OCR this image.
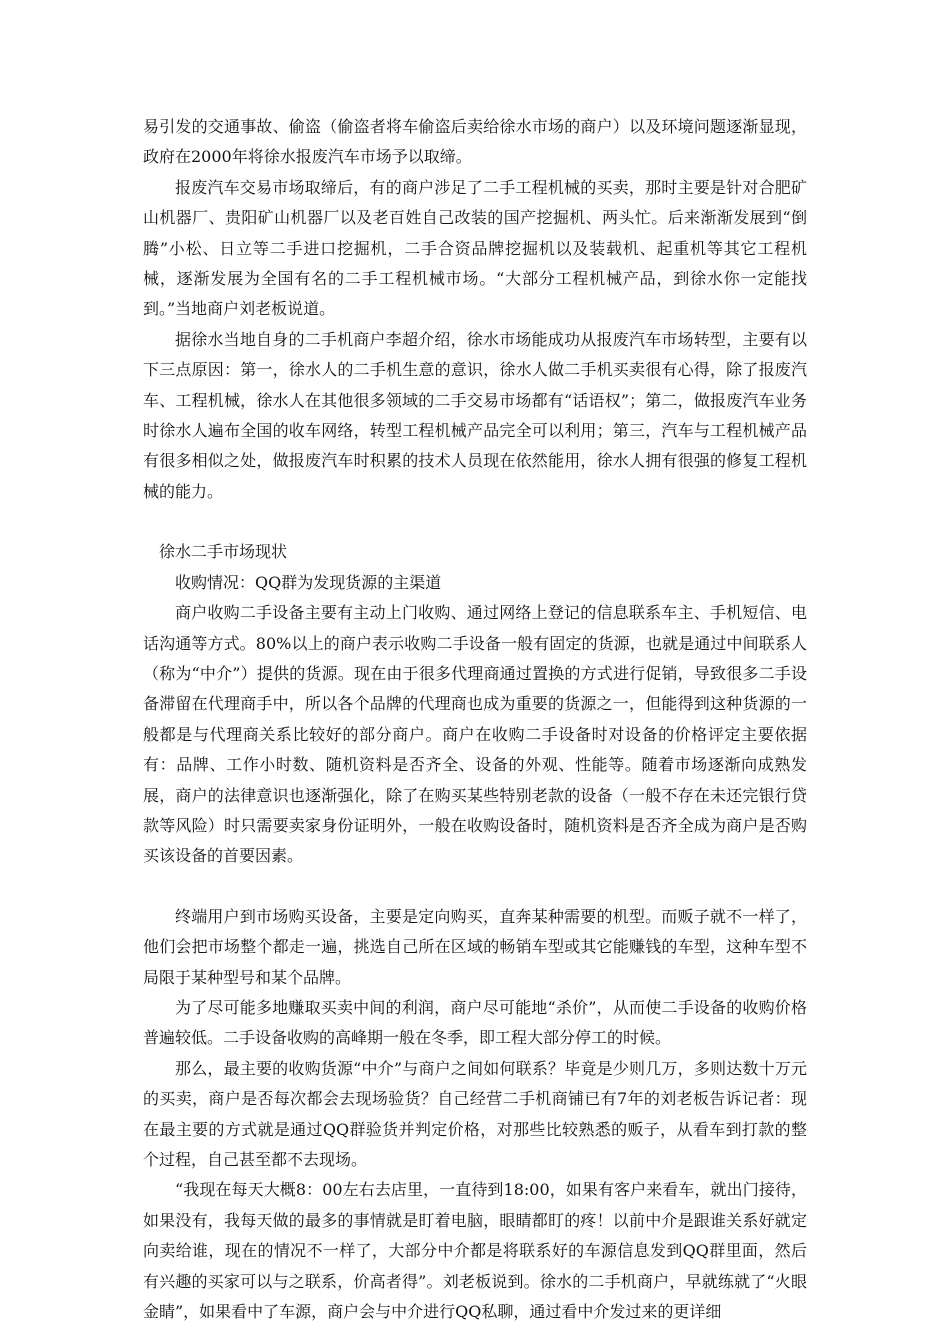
易引发的交通事故、偷盗（偷盗者将车偷盗后卖给徐水市场的商户）以及环境问题逐渐显现，政府在2000年将徐水报废汽车市场予以取缔。

报废汽车交易市场取缔后，有的商户涉足了二手工程机械的买卖，那时主要是针对合肥矿山机器厂、贵阳矿山机器厂以及老百姓自己改装的国产挖掘机、两头忙。后来渐渐发展到“倒腾”小松、日立等二手进口挖掘机，二手合资品牌挖掘机以及装载机、起重机等其它工程机械，逐渐发展为全国有名的二手工程机械市场。“大部分工程机械产品，到徐水你一定能找到。”当地商户刘老板说道。

据徐水当地自身的二手机商户李超介绍，徐水市场能成功从报废汽车市场转型，主要有以下三点原因：第一，徐水人的二手机生意的意识，徐水人做二手机买卖很有心得，除了报废汽车、工程机械，徐水人在其他很多领域的二手交易市场都有“话语权”；第二，做报废汽车业务时徐水人遍布全国的收车网络，转型工程机械产品完全可以利用；第三，汽车与工程机械产品有很多相似之处，做报废汽车时积累的技术人员现在依然能用，徐水人拥有很强的修复工程机械的能力。

徐水二手市场现状

收购情况：QQ群为发现货源的主渠道

商户收购二手设备主要有主动上门收购、通过网络上登记的信息联系车主、手机短信、电话沟通等方式。80%以上的商户表示收购二手设备一般有固定的货源，也就是通过中间联系人（称为“中介”）提供的货源。现在由于很多代理商通过置换的方式进行促销，导致很多二手设备滞留在代理商手中，所以各个品牌的代理商也成为重要的货源之一，但能得到这种货源的一般都是与代理商关系比较好的部分商户。商户在收购二手设备时对设备的价格评定主要依据有：品牌、工作小时数、随机资料是否齐全、设备的外观、性能等。随着市场逐渐向成熟发展，商户的法律意识也逐渐强化，除了在购买某些特别老款的设备（一般不存在未还完银行贷款等风险）时只需要卖家身份证明外，一般在收购设备时，随机资料是否齐全成为商户是否购买该设备的首要因素。

终端用户到市场购买设备，主要是定向购买，直奔某种需要的机型。而贩子就不一样了，他们会把市场整个都走一遍，挑选自己所在区域的畅销车型或其它能赚钱的车型，这种车型不局限于某种型号和某个品牌。

为了尽可能多地赚取买卖中间的利润，商户尽可能地“杀价”，从而使二手设备的收购价格普遍较低。二手设备收购的高峰期一般在冬季，即工程大部分停工的时候。

那么，最主要的收购货源“中介”与商户之间如何联系？毕竟是少则几万，多则达数十万元的买卖，商户是否每次都会去现场验货？自己经营二手机商铺已有7年的刘老板告诉记者：现在最主要的方式就是通过QQ群验货并判定价格，对那些比较熟悉的贩子，从看车到打款的整个过程，自己甚至都不去现场。

“我现在每天大概8：00左右去店里，一直待到18:00，如果有客户来看车，就出门接待，如果没有，我每天做的最多的事情就是盯着电脑，眼睛都盯的疼！以前中介是跟谁关系好就定向卖给谁，现在的情况不一样了，大部分中介都是将联系好的车源信息发到QQ群里面，然后有兴趣的买家可以与之联系，价高者得”。刘老板说到。徐水的二手机商户，早就练就了“火眼金睛”，如果看中了车源，商户会与中介进行QQ私聊，通过看中介发过来的更详细
